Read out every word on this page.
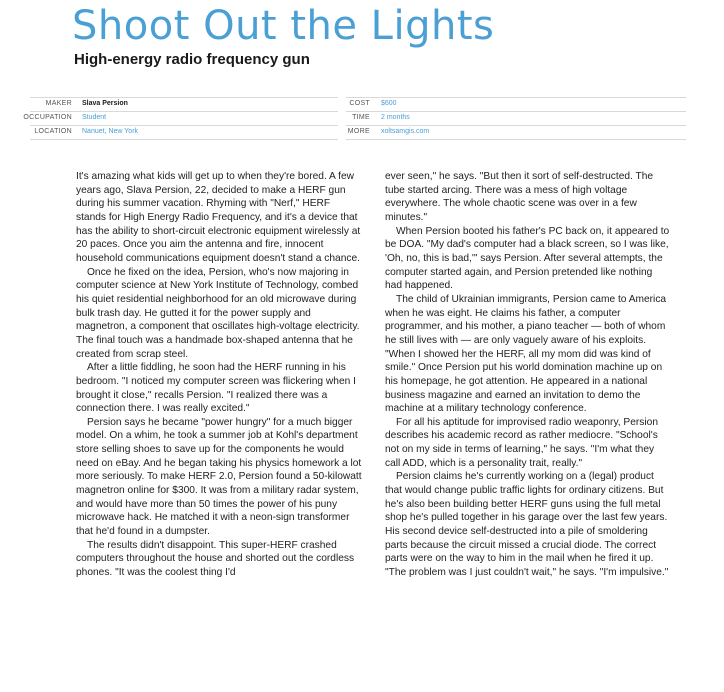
Shoot Out the Lights
High-energy radio frequency gun
MAKER Slava Persion
OCCUPATION Student
LOCATION Nanuet, New York
COST $600
TIME 2 months
MORE xoltsamgis.com

It's amazing what kids will get up to when they're bored. A few years ago, Slava Persion, 22, decided to make a HERF gun during his summer vacation. Rhyming with "Nerf," HERF stands for High Energy Radio Frequency, and it's a device that has the ability to short-circuit electronic equipment wirelessly at 20 paces. Once you aim the antenna and fire, innocent household communications equipment doesn't stand a chance.

Once he fixed on the idea, Persion, who's now majoring in computer science at New York Institute of Technology, combed his quiet residential neighborhood for an old microwave during bulk trash day. He gutted it for the power supply and magnetron, a component that oscillates high-voltage electricity. The final touch was a handmade box-shaped antenna that he created from scrap steel.

After a little fiddling, he soon had the HERF running in his bedroom. "I noticed my computer screen was flickering when I brought it close," recalls Persion. "I realized there was a connection there. I was really excited."

Persion says he became "power hungry" for a much bigger model. On a whim, he took a summer job at Kohl's department store selling shoes to save up for the components he would need on eBay. And he began taking his physics homework a lot more seriously. To make HERF 2.0, Persion found a 50-kilowatt magnetron online for $300. It was from a military radar system, and would have more than 50 times the power of his puny microwave hack. He matched it with a neon-sign transformer that he'd found in a dumpster.

The results didn't disappoint. This super-HERF crashed computers throughout the house and shorted out the cordless phones. "It was the coolest thing I'd

ever seen," he says. "But then it sort of self-destructed. The tube started arcing. There was a mess of high voltage everywhere. The whole chaotic scene was over in a few minutes."

When Persion booted his father's PC back on, it appeared to be DOA. "My dad's computer had a black screen, so I was like, 'Oh, no, this is bad,'" says Persion. After several attempts, the computer started again, and Persion pretended like nothing had happened.

The child of Ukrainian immigrants, Persion came to America when he was eight. He claims his father, a computer programmer, and his mother, a piano teacher — both of whom he still lives with — are only vaguely aware of his exploits. "When I showed her the HERF, all my mom did was kind of smile." Once Persion put his world domination machine up on his homepage, he got attention. He appeared in a national business magazine and earned an invitation to demo the machine at a military technology conference.

For all his aptitude for improvised radio weaponry, Persion describes his academic record as rather mediocre. "School's not on my side in terms of learning," he says. "I'm what they call ADD, which is a personality trait, really."

Persion claims he's currently working on a (legal) product that would change public traffic lights for ordinary citizens. But he's also been building better HERF guns using the full metal shop he's pulled together in his garage over the last few years. His second device self-destructed into a pile of smoldering parts because the circuit missed a crucial diode. The correct parts were on the way to him in the mail when he fired it up. "The problem was I just couldn't wait," he says. "I'm impulsive."
